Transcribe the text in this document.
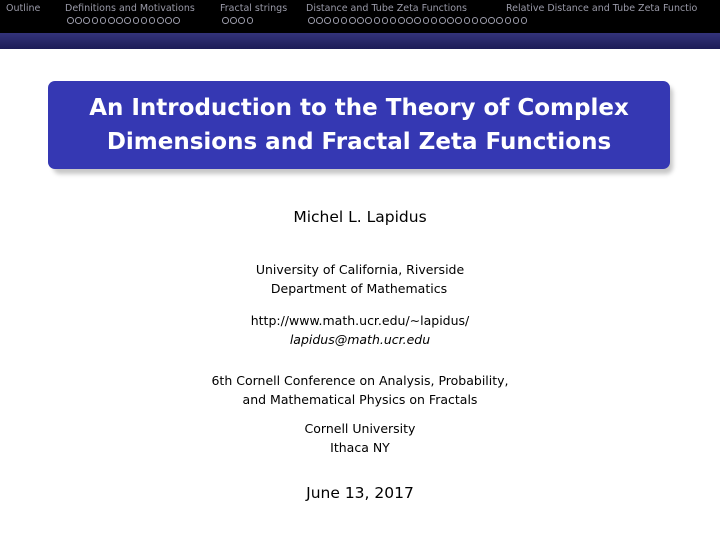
Outline	Definitions and Motivations	Fractal strings Distance and Tube Zeta Functions	Relative Distance and Tube Zeta Functio
An Introduction to the Theory of Complex
Dimensions and Fractal Zeta Functions
Michel L. Lapidus
University of California, Riverside
Department of Mathematics
http://www.math.ucr.edu/∼lapidus/
lapidus@math.ucr.edu
6th Cornell Conference on Analysis, Probability,
and Mathematical Physics on Fractals
Cornell University
Ithaca NY
June 13, 2017
